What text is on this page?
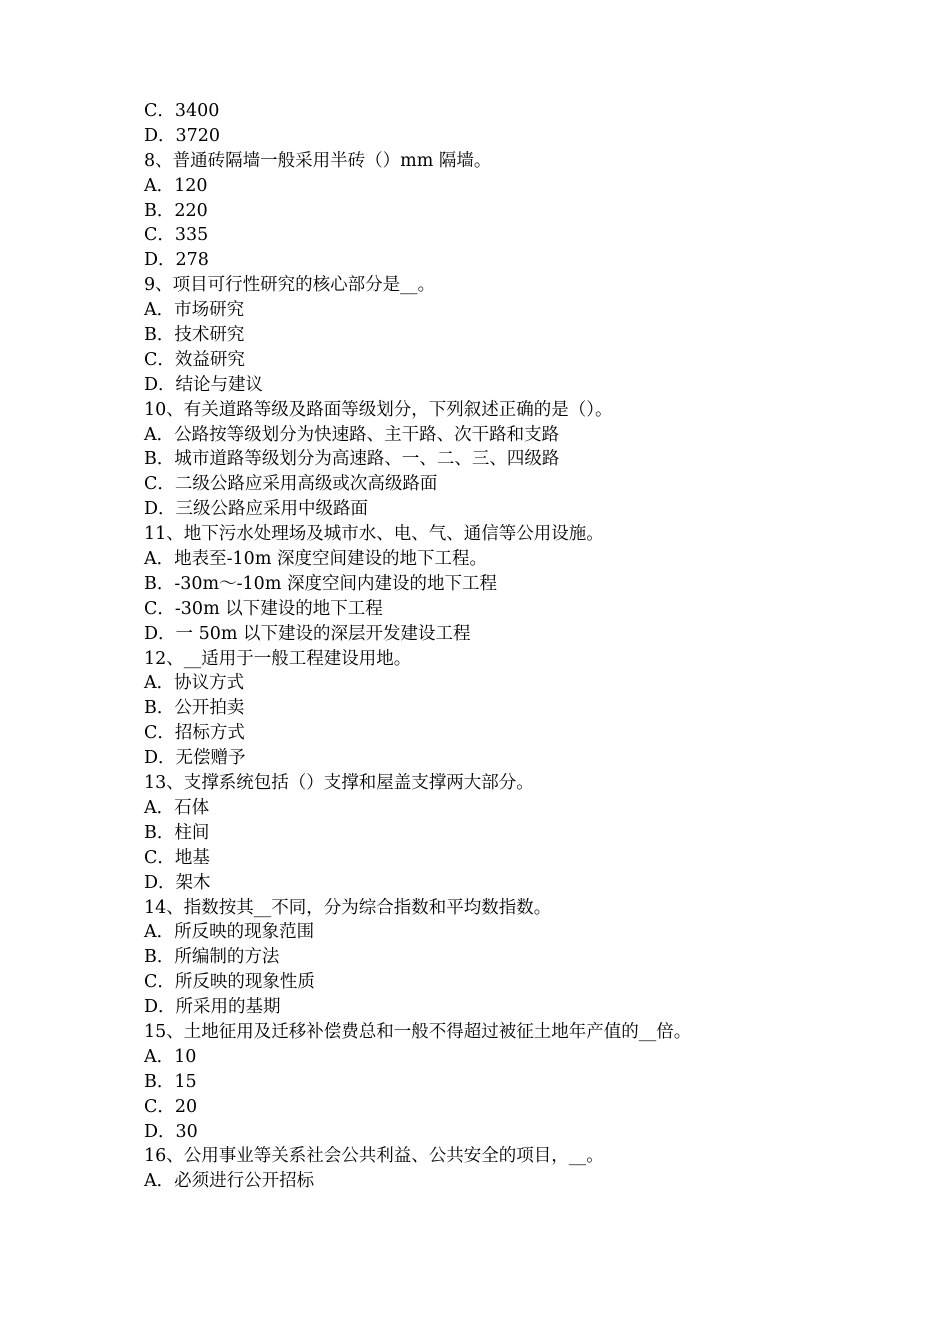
C．3400
D．3720
8、普通砖隔墙一般采用半砖（）mm 隔墙。
A．120
B．220
C．335
D．278
9、项目可行性研究的核心部分是__。
A．市场研究
B．技术研究
C．效益研究
D．结论与建议
10、有关道路等级及路面等级划分，下列叙述正确的是（）。
A．公路按等级划分为快速路、主干路、次干路和支路
B．城市道路等级划分为高速路、一、二、三、四级路
C．二级公路应采用高级或次高级路面
D．三级公路应采用中级路面
11、地下污水处理场及城市水、电、气、通信等公用设施。
A．地表至-10m 深度空间建设的地下工程。
B．-30m～-10m 深度空间内建设的地下工程
C．-30m 以下建设的地下工程
D．一 50m 以下建设的深层开发建设工程
12、__适用于一般工程建设用地。
A．协议方式
B．公开拍卖
C．招标方式
D．无偿赠予
13、支撑系统包括（）支撑和屋盖支撑两大部分。
A．石体
B．柱间
C．地基
D．架木
14、指数按其__不同，分为综合指数和平均数指数。
A．所反映的现象范围
B．所编制的方法
C．所反映的现象性质
D．所采用的基期
15、土地征用及迁移补偿费总和一般不得超过被征土地年产值的__倍。
A．10
B．15
C．20
D．30
16、公用事业等关系社会公共利益、公共安全的项目，__。
A．必须进行公开招标
